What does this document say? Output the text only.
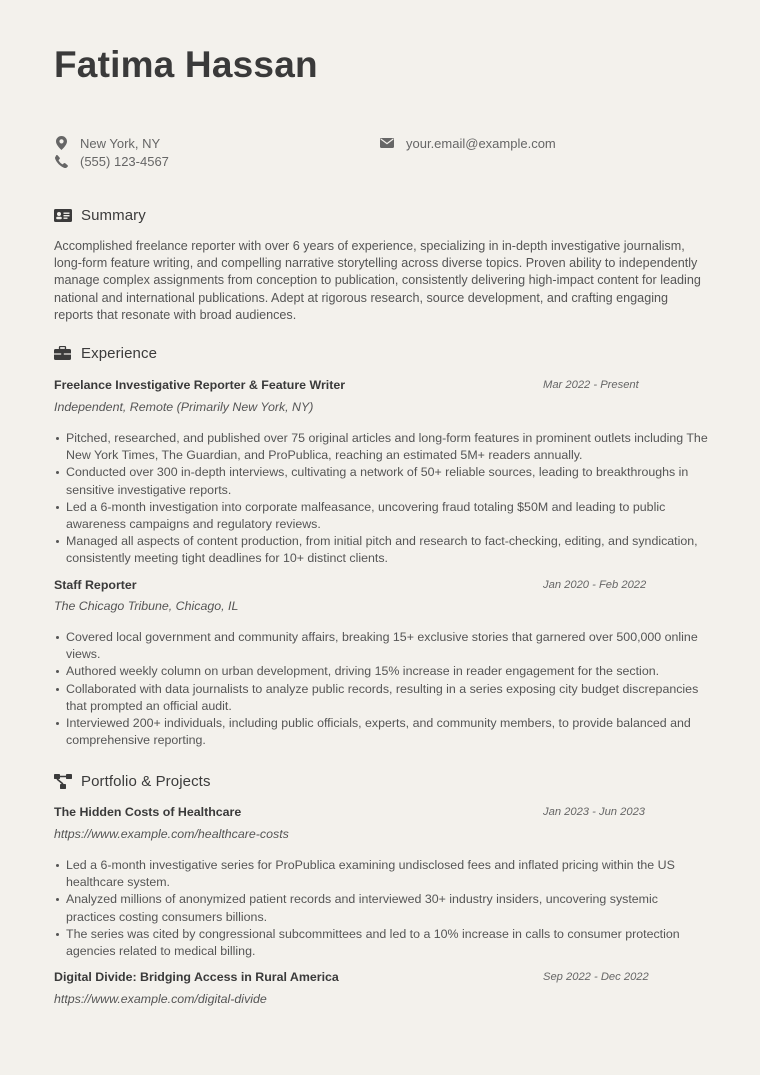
Fatima Hassan
New York, NY
(555) 123-4567
your.email@example.com
Summary

Accomplished freelance reporter with over 6 years of experience, specializing in in-depth investigative journalism, long-form feature writing, and compelling narrative storytelling across diverse topics. Proven ability to independently manage complex assignments from conception to publication, consistently delivering high-impact content for leading national and international publications. Adept at rigorous research, source development, and crafting engaging reports that resonate with broad audiences.

Experience
Freelance Investigative Reporter & Feature Writer	Mar 2022 - Present
Independent, Remote (Primarily New York, NY)
Pitched, researched, and published over 75 original articles and long-form features in prominent outlets including The New York Times, The Guardian, and ProPublica, reaching an estimated 5M+ readers annually.
Conducted over 300 in-depth interviews, cultivating a network of 50+ reliable sources, leading to breakthroughs in sensitive investigative reports.
Led a 6-month investigation into corporate malfeasance, uncovering fraud totaling $50M and leading to public awareness campaigns and regulatory reviews.
Managed all aspects of content production, from initial pitch and research to fact-checking, editing, and syndication, consistently meeting tight deadlines for 10+ distinct clients.
Staff Reporter	Jan 2020 - Feb 2022
The Chicago Tribune, Chicago, IL
Covered local government and community affairs, breaking 15+ exclusive stories that garnered over 500,000 online views.
Authored weekly column on urban development, driving 15% increase in reader engagement for the section.
Collaborated with data journalists to analyze public records, resulting in a series exposing city budget discrepancies that prompted an official audit.
Interviewed 200+ individuals, including public officials, experts, and community members, to provide balanced and comprehensive reporting.
Portfolio & Projects
The Hidden Costs of Healthcare	Jan 2023 - Jun 2023
https://www.example.com/healthcare-costs
Led a 6-month investigative series for ProPublica examining undisclosed fees and inflated pricing within the US healthcare system.
Analyzed millions of anonymized patient records and interviewed 30+ industry insiders, uncovering systemic practices costing consumers billions.
The series was cited by congressional subcommittees and led to a 10% increase in calls to consumer protection agencies related to medical billing.
Digital Divide: Bridging Access in Rural America	Sep 2022 - Dec 2022
https://www.example.com/digital-divide
